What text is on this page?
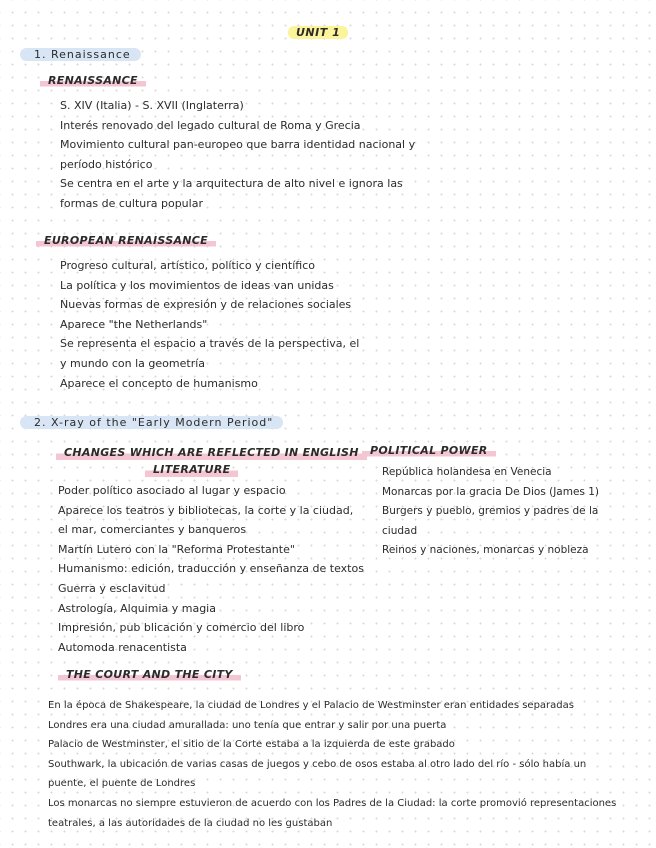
UNIT 1
1. Renaissance
RENAISSANCE
S. XIV (Italia) - S. XVII (Inglaterra)
Interés renovado del legado cultural de Roma y Grecia
Movimiento cultural pan-europeo que barra identidad nacional y
período histórico
Se centra en el arte y la arquitectura de alto nivel e ignora las
formas de cultura popular
EUROPEAN RENAISSANCE
Progreso cultural, artístico, político y científico
La política y los movimientos de ideas van unidas
Nuevas formas de expresión y de relaciones sociales
Aparece "the Netherlands"
Se representa el espacio a través de la perspectiva, el
y mundo con la geometría
Aparece el concepto de humanismo
2. X-ray of the "Early Modern Period"
CHANGES WHICH ARE REFLECTED IN ENGLISH
LITERATURE
Poder político asociado al lugar y espacio
Aparece los teatros y bibliotecas, la corte y la ciudad,
el mar, comerciantes y banqueros
Martín Lutero con la "Reforma Protestante"
Humanismo: edición, traducción y enseñanza de textos
Guerra y esclavitud
Astrología, Alquimia y magia
Impresión, pub blicación y comercio del libro
Automoda renacentista
POLITICAL POWER
República holandesa en Venecia
Monarcas por la gracia De Dios (James 1)
Burgers y pueblo, gremios y padres de la
ciudad
Reinos y naciones, monarcas y nobleza
THE COURT AND THE CITY
En la época de Shakespeare, la ciudad de Londres y el Palacio de Westminster eran entidades separadas
Londres era una ciudad amurallada: uno tenía que entrar y salir por una puerta
Palacio de Westminster, el sitio de la Corte estaba a la izquierda de este grabado
Southwark, la ubicación de varias casas de juegos y cebo de osos estaba al otro lado del río - sólo había un
puente, el puente de Londres
Los monarcas no siempre estuvieron de acuerdo con los Padres de la Ciudad: la corte promovió representaciones
teatrales, a las autoridades de la ciudad no les gustaban
